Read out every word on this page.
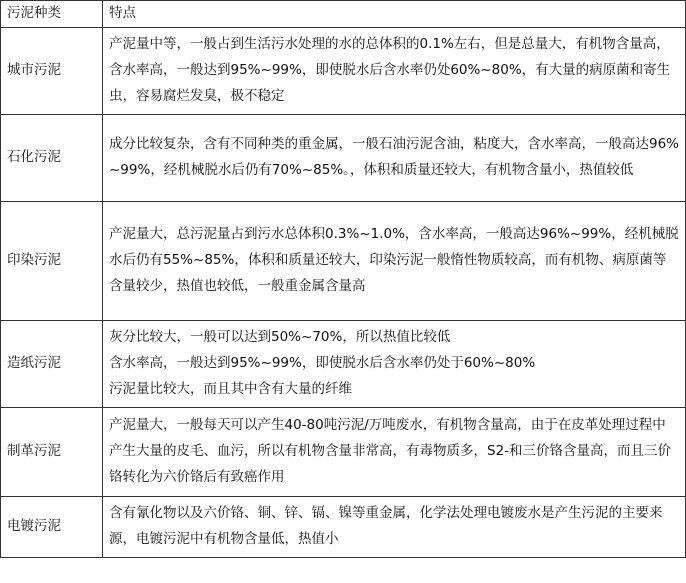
污泥种类	特点
城市污泥	产泥量中等，一般占到生活污水处理的水的总体积的0.1%左右，但是总量大，有机物含量高，含水率高，一般达到95%~99%，即使脱水后含水率仍处60%~80%，有大量的病原菌和寄生虫，容易腐烂发臭，极不稳定
石化污泥	成分比较复杂，含有不同种类的重金属，一般石油污泥含油，粘度大，含水率高，一般高达96%~99%，经机械脱水后仍有70%~85%。，体积和质量还较大，有机物含量小，热值较低
印染污泥	产泥量大，总污泥量占到污水总体积0.3%~1.0%，含水率高，一般高达96%~99%，经机械脱水后仍有55%~85%，体积和质量还较大，印染污泥一般惰性物质较高，而有机物、病原菌等含量较少，热值也较低，一般重金属含量高
造纸污泥	灰分比较大，一般可以达到50%~70%，所以热值比较低
含水率高，一般达到95%~99%，即使脱水后含水率仍处于60%~80%
污泥量比较大，而且其中含有大量的纤维

制革污泥	产泥量大，一般每天可以产生40-80吨污泥/万吨废水，有机物含量高，由于在皮革处理过程中产生大量的皮毛、血污，所以有机物含量非常高，有毒物质多，S2-和三价铬含量高，而且三价铬转化为六价铬后有致癌作用
电镀污泥	含有氰化物以及六价铬、铜、锌、镉、镍等重金属，化学法处理电镀废水是产生污泥的主要来源，电镀污泥中有机物含量低，热值小
